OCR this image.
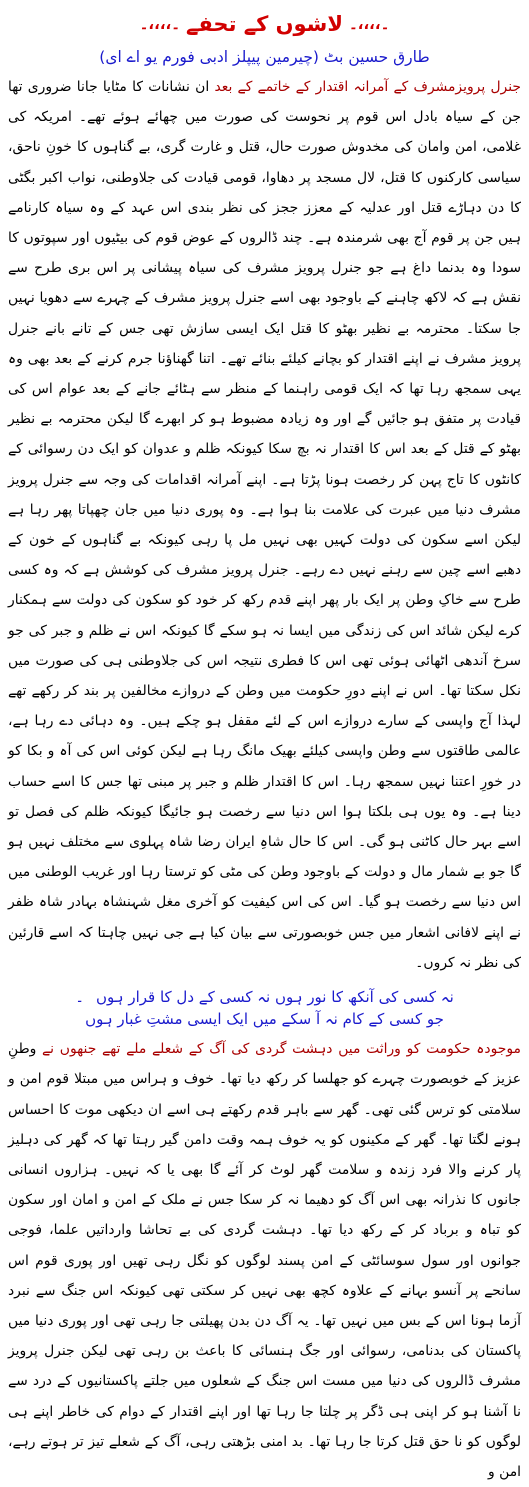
۔،،،،۔ لاشوں کے تحفے ۔،،،،۔
طارق حسین بٹ (چیرمین پیپلز ادبی فورم یو اے ای)

جنرل پرویزمشرف کے آمرانہ اقتدار کے خاتمے کے بعد ان نشانات کا مٹایا جانا ضروری تھا جن کے سیاہ بادل اس قوم پر نحوست کی صورت میں چھائے ہوئے تھے۔ امریکہ کی غلامی، امن وامان کی مخدوش صورت حال، قتل و غارت گری، بے گناہوں کا خونِ ناحق، سیاسی کارکنوں کا قتل، لال مسجد پر دھاوا، قومی قیادت کی جلاوطنی، نواب اکبر بگٹی کا دن دہاڑے قتل اور عدلیہ کے معزز ججز کی نظر بندی اس عہد کے وہ سیاہ کارنامے ہیں جن پر قوم آج بھی شرمندہ ہے۔ چند ڈالروں کے عوض قوم کی بیٹیوں اور سپوتوں کا سودا وہ بدنما داغ ہے جو جنرل پرویز مشرف کی سیاہ پیشانی پر اس بری طرح سے نقش ہے کہ لاکھ چاہنے کے باوجود بھی اسے جنرل پرویز مشرف کے چہرے سے دھویا نہیں جا سکتا۔ محترمہ بے نظیر بھٹو کا قتل ایک ایسی سازش تھی جس کے تانے بانے جنرل پرویز مشرف نے اپنے اقتدار کو بچانے کیلئے بنائے تھے۔ اتنا گھناؤنا جرم کرنے کے بعد بھی وہ یہی سمجھ رہا تھا کہ ایک قومی راہنما کے منظر سے ہٹائے جانے کے بعد عوام اس کی قیادت پر متفق ہو جائیں گے اور وہ زیادہ مضبوط ہو کر ابھرے گا لیکن محترمہ بے نظیر بھٹو کے قتل کے بعد اس کا اقتدار نہ بچ سکا کیونکہ ظلم و عدوان کو ایک دن رسوائی کے کانٹوں کا تاج پہن کر رخصت ہونا پڑتا ہے۔ اپنے آمرانہ اقدامات کی وجہ سے جنرل پرویز مشرف دنیا میں عبرت کی علامت بنا ہوا ہے۔ وہ پوری دنیا میں جان چھپاتا پھر رہا ہے لیکن اسے سکون کی دولت کہیں بھی نہیں مل پا رہی کیونکہ بے گناہوں کے خون کے دھبے اسے چین سے رہنے نہیں دے رہے۔ جنرل پرویز مشرف کی کوشش ہے کہ وہ کسی طرح سے خاکِ وطن پر ایک بار پھر اپنے قدم رکھ کر خود کو سکون کی دولت سے ہمکنار کرے لیکن شائد اس کی زندگی میں ایسا نہ ہو سکے گا کیونکہ اس نے ظلم و جبر کی جو سرخ آندھی اٹھائی ہوئی تھی اس کا فطری نتیجہ اس کی جلاوطنی ہی کی صورت میں نکل سکتا تھا۔ اس نے اپنے دورِ حکومت میں وطن کے دروازے مخالفین پر بند کر رکھے تھے لہذا آج واپسی کے سارے دروازے اس کے لئے مقفل ہو چکے ہیں۔ وہ دہائی دے رہا ہے، عالمی طاقتوں سے وطن واپسی کیلئے بھیک مانگ رہا ہے لیکن کوئی اس کی آہ و بکا کو در خورِ اعتنا نہیں سمجھ رہا۔ اس کا اقتدار ظلم و جبر پر مبنی تھا جس کا اسے حساب دینا ہے۔ وہ یوں ہی بلکتا ہوا اس دنیا سے رخصت ہو جائیگا کیونکہ ظلم کی فصل تو اسے بہر حال کاٹنی ہو گی۔ اس کا حال شاہِ ایران رضا شاہ پہلوی سے مختلف نہیں ہو گا جو بے شمار مال و دولت کے باوجود وطن کی مٹی کو ترستا رہا اور غریب الوطنی میں اس دنیا سے رخصت ہو گیا۔ اس کی اس کیفیت کو آخری مغل شہنشاہ بہادر شاہ ظفر نے اپنے لافانی اشعار میں جس خوبصورتی سے بیان کیا ہے جی نہیں چاہتا کہ اسے قارئین کی نظر نہ کروں۔

نہ کسی کی آنکھ کا نور ہوں نہ کسی کے دل کا قرار ہوں۔جو کسی کے کام نہ آ سکے میں ایک ایسی مشتِ غبار ہوں

موجودہ حکومت کو وراثت میں دہشت گردی کی آگ کے شعلے ملے تھے جنھوں نے وطنِ عزیز کے خوبصورت چہرے کو جھلسا کر رکھ دیا تھا۔ خوف و ہراس میں مبتلا قوم امن و سلامتی کو ترس گئی تھی۔ گھر سے باہر قدم رکھتے ہی اسے ان دیکھی موت کا احساس ہونے لگتا تھا۔ گھر کے مکینوں کو یہ خوف ہمہ وقت دامن گیر رہتا تھا کہ گھر کی دہلیز پار کرنے والا فرد زندہ و سلامت گھر لوٹ کر آئے گا بھی یا کہ نہیں۔ ہزاروں انسانی جانوں کا نذرانہ بھی اس آگ کو دھیما نہ کر سکا جس نے ملک کے امن و امان اور سکون کو تباہ و برباد کر کے رکھ دیا تھا۔ دہشت گردی کی بے تحاشا وارداتیں علما، فوجی جوانوں اور سول سوسائٹی کے امن پسند لوگوں کو نگل رہی تھیں اور پوری قوم اس سانحے پر آنسو بہانے کے علاوہ کچھ بھی نہیں کر سکتی تھی کیونکہ اس جنگ سے نبرد آزما ہونا اس کے بس میں نہیں تھا۔ یہ آگ دن بدن پھیلتی جا رہی تھی اور پوری دنیا میں پاکستان کی بدنامی، رسوائی اور جگ ہنسائی کا باعث بن رہی تھی لیکن جنرل پرویز مشرف ڈالروں کی دنیا میں مست اس جنگ کے شعلوں میں جلتے پاکستانیوں کے درد سے نا آشنا ہو کر اپنی ہی ڈگر پر چلتا جا رہا تھا اور اپنے اقتدار کے دوام کی خاطر اپنے ہی لوگوں کو نا حق قتل کرتا جا رہا تھا۔ بد امنی بڑھتی رہی، آگ کے شعلے تیز تر ہوتے رہے، امن و
